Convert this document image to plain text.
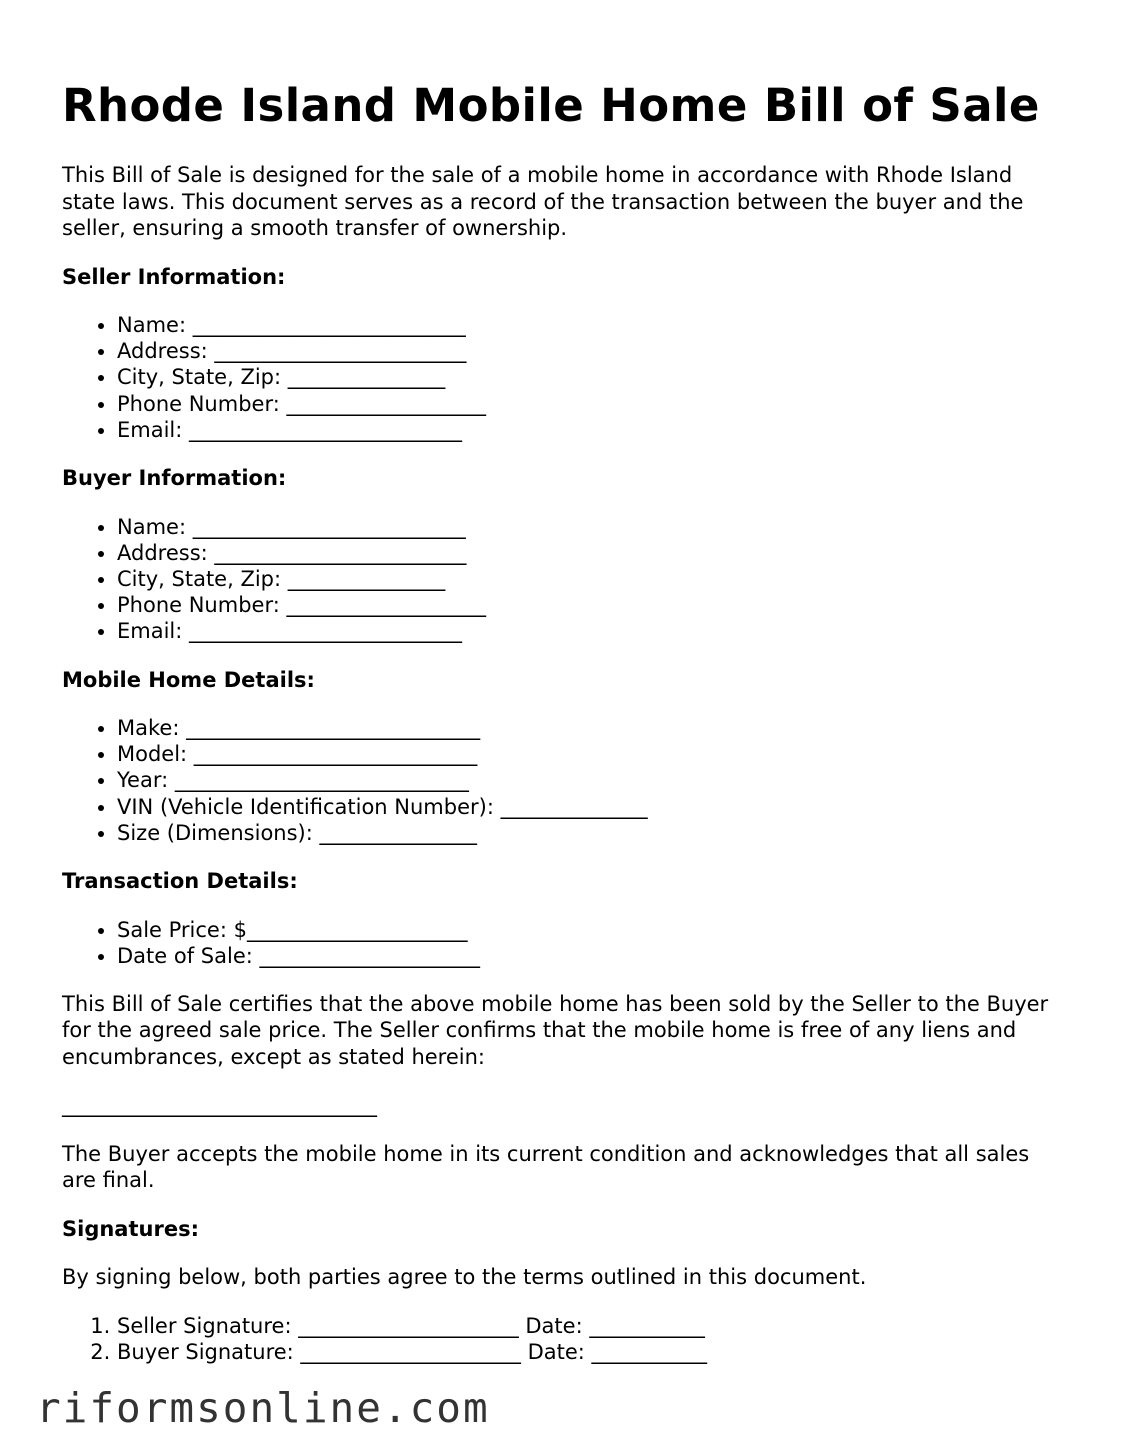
Rhode Island Mobile Home Bill of Sale

This Bill of Sale is designed for the sale of a mobile home in accordance with Rhode Island state laws. This document serves as a record of the transaction between the buyer and the seller, ensuring a smooth transfer of ownership.

Seller Information:
• Name: __________________________
• Address: ________________________
• City, State, Zip: _______________
• Phone Number: ___________________
• Email: __________________________
Buyer Information:
• Name: __________________________
• Address: ________________________
• City, State, Zip: _______________
• Phone Number: ___________________
• Email: __________________________
Mobile Home Details:
• Make: ____________________________
• Model: ___________________________
• Year: ____________________________
• VIN (Vehicle Identification Number): ______________
• Size (Dimensions): _______________
Transaction Details:
• Sale Price: $_____________________
• Date of Sale: _____________________

This Bill of Sale certifies that the above mobile home has been sold by the Seller to the Buyer for the agreed sale price. The Seller confirms that the mobile home is free of any liens and encumbrances, except as stated herein:

______________________________

The Buyer accepts the mobile home in its current condition and acknowledges that all sales are final.

Signatures:

By signing below, both parties agree to the terms outlined in this document.

1. Seller Signature: _____________________ Date: ___________
2. Buyer Signature: _____________________ Date: ___________
riformsonline.com
